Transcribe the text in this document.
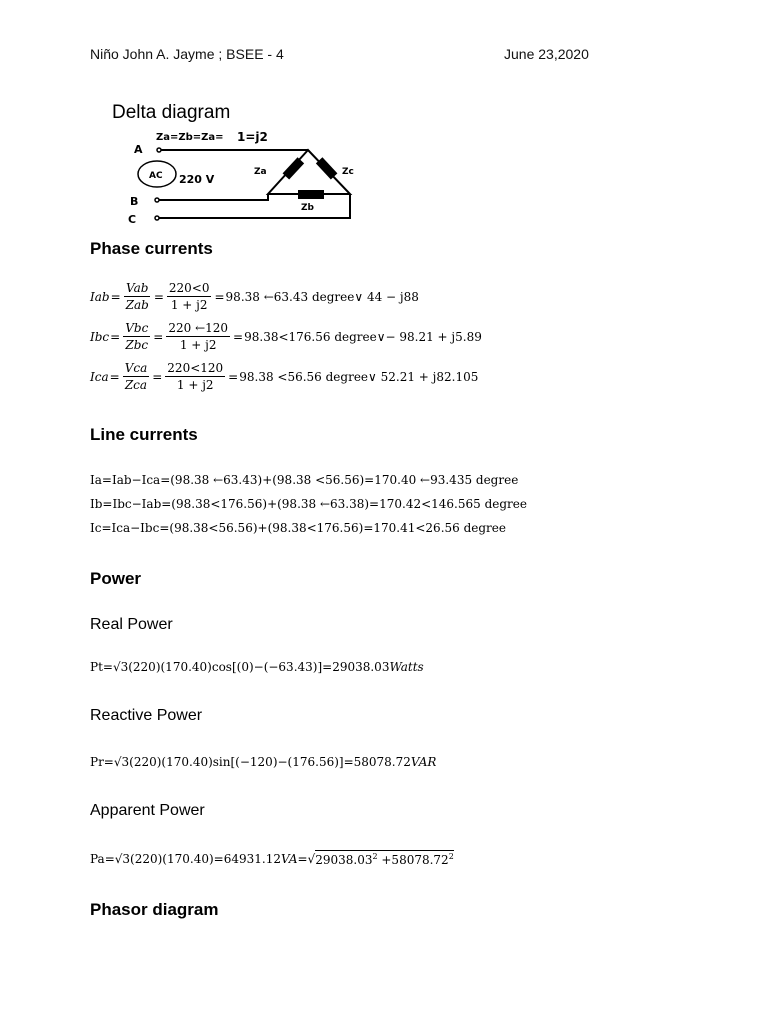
Niño John A. Jayme ; BSEE - 4	June 23,2020
Delta diagram
Za=Zb=Za= 1=j2
A
B
C
AC 220 V
Za
Zb
Zc
Phase currents
Iab = $\frac{\text{Vab}}{\text{Zab}} = \frac{220<0}{1 + j2} = 98.38$ ←63.43 degree∨ 44 − j88
Ibc = $\frac{\text{Vbc}}{\text{Zbc}} = \frac{220 \leftarrow 120}{1 + j2} = 98.38<176.56$ degree∨− 98.21 + j5.89
Ica = $\frac{\text{Vca}}{\text{Zca}} = \frac{220<120}{1 + j2} = 98.38 <56.56$ degree∨ 52.21 + j82.105
Line currents
Ia=Iab−Ica=(98.38 ←63.43)+(98.38 <56.56)=170.40 ←93.435 degree
Ib=Ibc−Iab=(98.38<176.56)+(98.38 ←63.38)=170.42<146.565 degree
Ic=Ica−Ibc=(98.38<56.56)+(98.38<176.56)=170.41<26.56 degree
Power
Real Power
Pt=√3(220)(170.40)cos[(0)−(−63.43)]=29038.03 Watts
Reactive Power
Pr=√3(220)(170.40)sin[(−120)−(176.56)]=58078.72 VAR
Apparent Power
Pa=√3(220)(170.40)=64931.12 VA =√ $29038.03^2 +58078.72^2$
Phasor diagram
